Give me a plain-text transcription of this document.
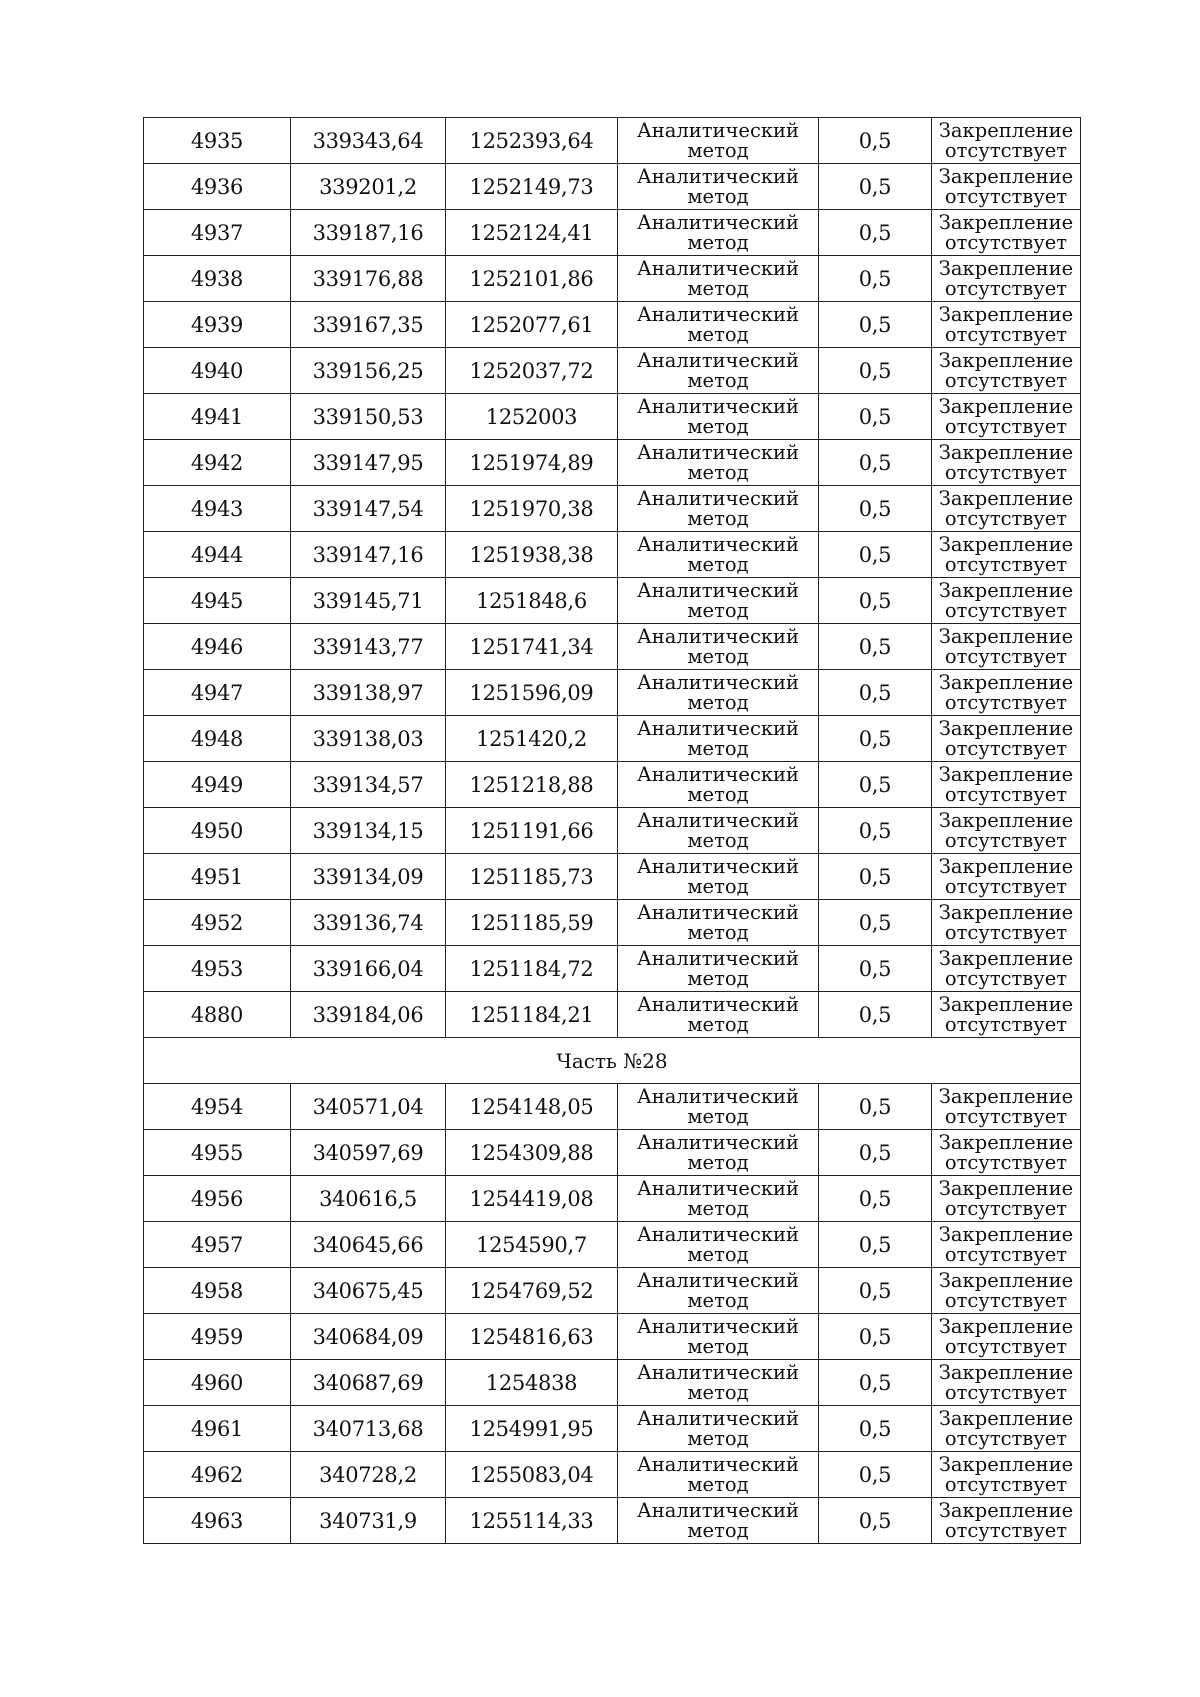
4935	339343,64	1252393,64	Аналитический
метод	0,5	Закрепление
отсутствует

4936	339201,2	1252149,73	Аналитический
метод	0,5	Закрепление
отсутствует

4937	339187,16	1252124,41	Аналитический
метод	0,5	Закрепление
отсутствует

4938	339176,88	1252101,86	Аналитический
метод	0,5	Закрепление
отсутствует

4939	339167,35	1252077,61	Аналитический
метод	0,5	Закрепление
отсутствует

4940	339156,25	1252037,72	Аналитический
метод	0,5	Закрепление
отсутствует

4941	339150,53	1252003	Аналитический
метод	0,5	Закрепление
отсутствует

4942	339147,95	1251974,89	Аналитический
метод	0,5	Закрепление
отсутствует

4943	339147,54	1251970,38	Аналитический
метод	0,5	Закрепление
отсутствует

4944	339147,16	1251938,38	Аналитический
метод	0,5	Закрепление
отсутствует

4945	339145,71	1251848,6	Аналитический
метод	0,5	Закрепление
отсутствует

4946	339143,77	1251741,34	Аналитический
метод	0,5	Закрепление
отсутствует

4947	339138,97	1251596,09	Аналитический
метод	0,5	Закрепление
отсутствует

4948	339138,03	1251420,2	Аналитический
метод	0,5	Закрепление
отсутствует

4949	339134,57	1251218,88	Аналитический
метод	0,5	Закрепление
отсутствует

4950	339134,15	1251191,66	Аналитический
метод	0,5	Закрепление
отсутствует

4951	339134,09	1251185,73	Аналитический
метод	0,5	Закрепление
отсутствует

4952	339136,74	1251185,59	Аналитический
метод	0,5	Закрепление
отсутствует

4953	339166,04	1251184,72	Аналитический
метод	0,5	Закрепление
отсутствует

4880	339184,06	1251184,21	Аналитический
метод	0,5	Закрепление
отсутствует

Часть №28					
4954	340571,04	1254148,05	Аналитический
метод	0,5	Закрепление
отсутствует

4955	340597,69	1254309,88	Аналитический
метод	0,5	Закрепление
отсутствует

4956	340616,5	1254419,08	Аналитический
метод	0,5	Закрепление
отсутствует

4957	340645,66	1254590,7	Аналитический
метод	0,5	Закрепление
отсутствует

4958	340675,45	1254769,52	Аналитический
метод	0,5	Закрепление
отсутствует

4959	340684,09	1254816,63	Аналитический
метод	0,5	Закрепление
отсутствует

4960	340687,69	1254838	Аналитический
метод	0,5	Закрепление
отсутствует

4961	340713,68	1254991,95	Аналитический
метод	0,5	Закрепление
отсутствует

4962	340728,2	1255083,04	Аналитический
метод	0,5	Закрепление
отсутствует

4963	340731,9	1255114,33	Аналитический
метод	0,5	Закрепление
отсутствует
